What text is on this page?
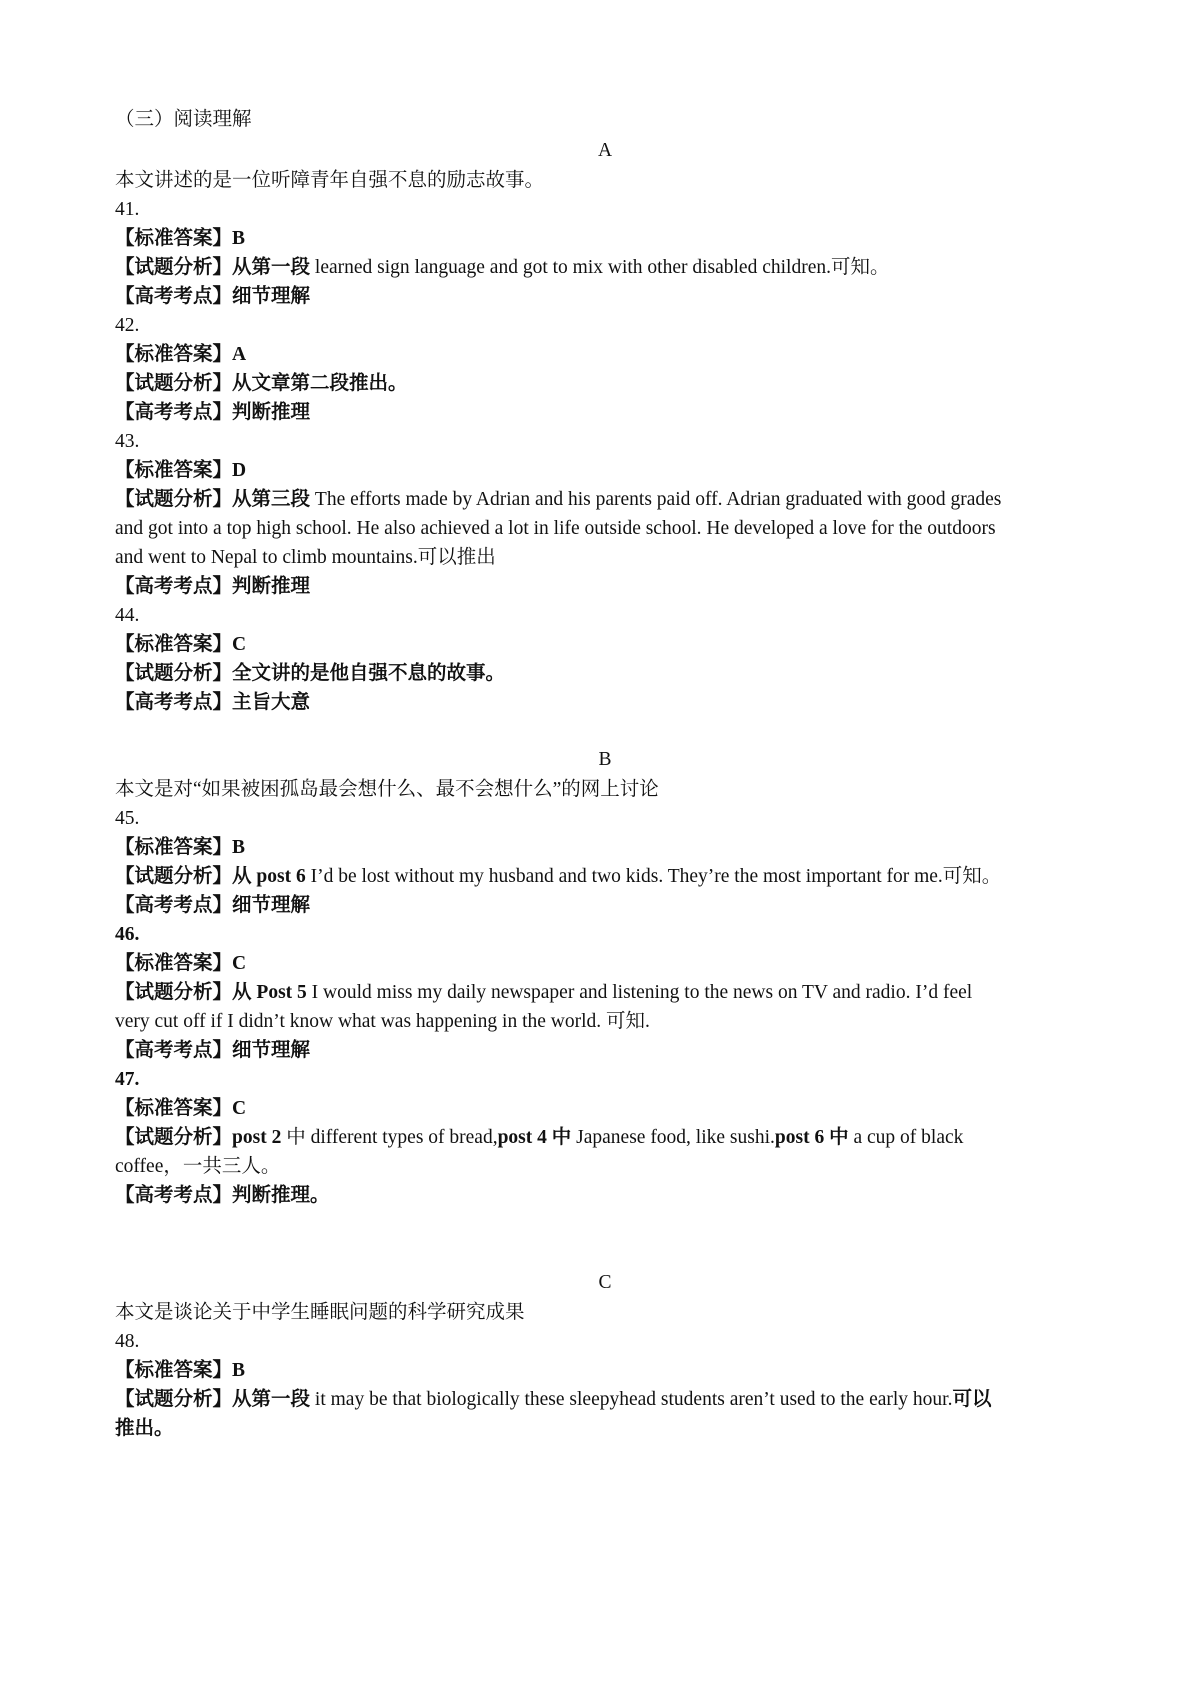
（三）阅读理解
A
本文讲述的是一位听障青年自强不息的励志故事。
41.
【标准答案】B
【试题分析】从第一段 learned sign language and got to mix with other disabled children.可知。
【高考考点】细节理解
42.
【标准答案】A
【试题分析】从文章第二段推出。
【高考考点】判断推理
43.
【标准答案】D
【试题分析】从第三段 The efforts made by Adrian and his parents paid off. Adrian graduated with good grades
and got into a top high school. He also achieved a lot in life outside school. He developed a love for the outdoors
and went to Nepal to climb mountains.可以推出
【高考考点】判断推理
44.
【标准答案】C
【试题分析】全文讲的是他自强不息的故事。
【高考考点】主旨大意
B
本文是对“如果被困孤岛最会想什么、最不会想什么”的网上讨论
45.
【标准答案】B
【试题分析】从 post 6 I’d be lost without my husband and two kids. They’re the most important for me.可知。
【高考考点】细节理解
46.
【标准答案】C
【试题分析】从 Post 5 I would miss my daily newspaper and listening to the news on TV and radio. I’d feel
very cut off if I didn’t know what was happening in the world. 可知.
【高考考点】细节理解
47.
【标准答案】C
【试题分析】post 2 中 different types of bread,post 4 中 Japanese food, like sushi.post 6 中 a cup of black
coffee，一共三人。
【高考考点】判断推理。
C
本文是谈论关于中学生睡眠问题的科学研究成果
48.
【标准答案】B
【试题分析】从第一段 it may be that biologically these sleepyhead students aren’t used to the early hour.可以
推出。
